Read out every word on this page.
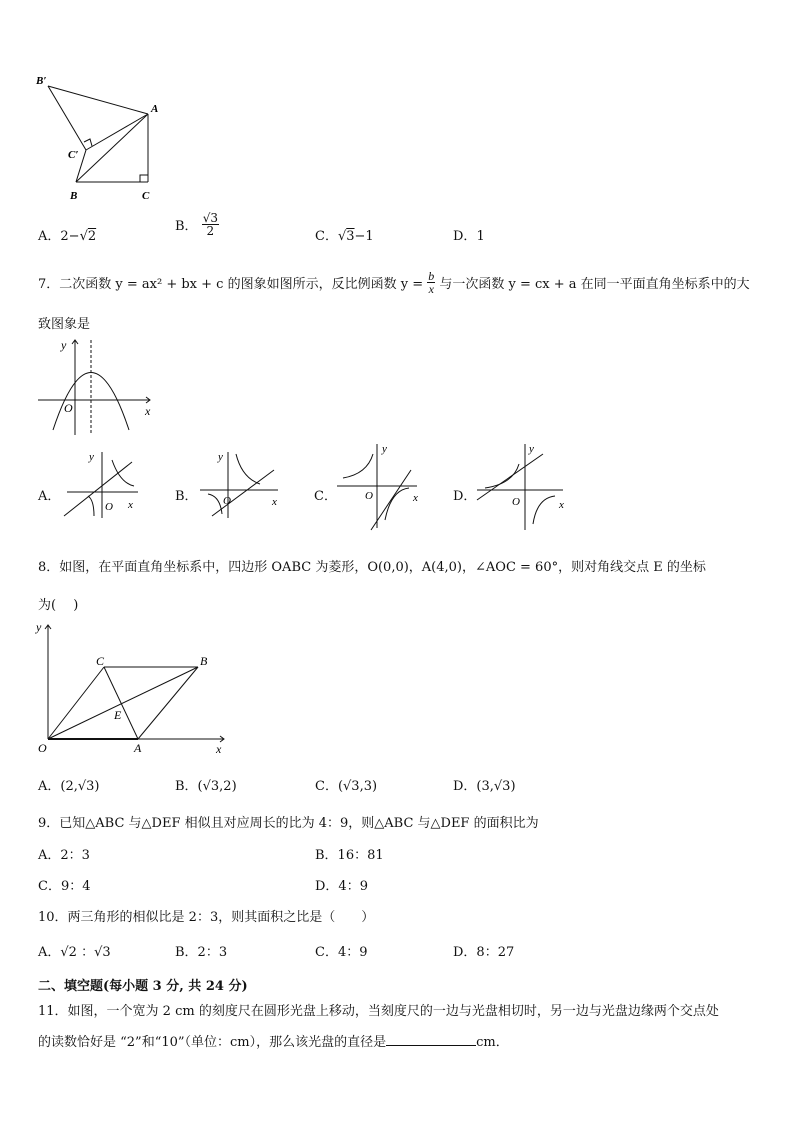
B′
A
C′
B	C
A．2−√2
B． $\frac{√3}{2}$	C．√3−1	D．1
7．二次函数 y = ax² + bx + c 的图象如图所示，反比例函数 $y = \frac{b}{x}$ 与一次函数 y = cx + a 在同一平面直角坐标系中的大
致图象是
y
O	x
A．
y
O x
B．
y
O	x	C．
y
O	x	D．
y
O	x
8．如图，在平面直角坐标系中，四边形 OABC 为菱形，O(0,0)，A(4,0)，∠AOC = 60°，则对角线交点 E 的坐标
为(　 )
y
C	B
E
O	A	x
A．(2,√3)	B．(√3,2)	C．(√3,3)	D．(3,√3)
9．已知△ABC 与△DEF 相似且对应周长的比为 4：9，则△ABC 与△DEF 的面积比为
A．2：3	B．16：81
C．9：4	D．4：9
10．两三角形的相似比是 2：3，则其面积之比是（　　）
A．√2 ：√3	B．2：3	C．4：9	D．8：27
二、填空题(每小题 3 分, 共 24 分)
11．如图，一个宽为 2 cm 的刻度尺在圆形光盘上移动，当刻度尺的一边与光盘相切时，另一边与光盘边缘两个交点处
的读数恰好是 “2”和“10”（单位：cm），那么该光盘的直径是	cm．
